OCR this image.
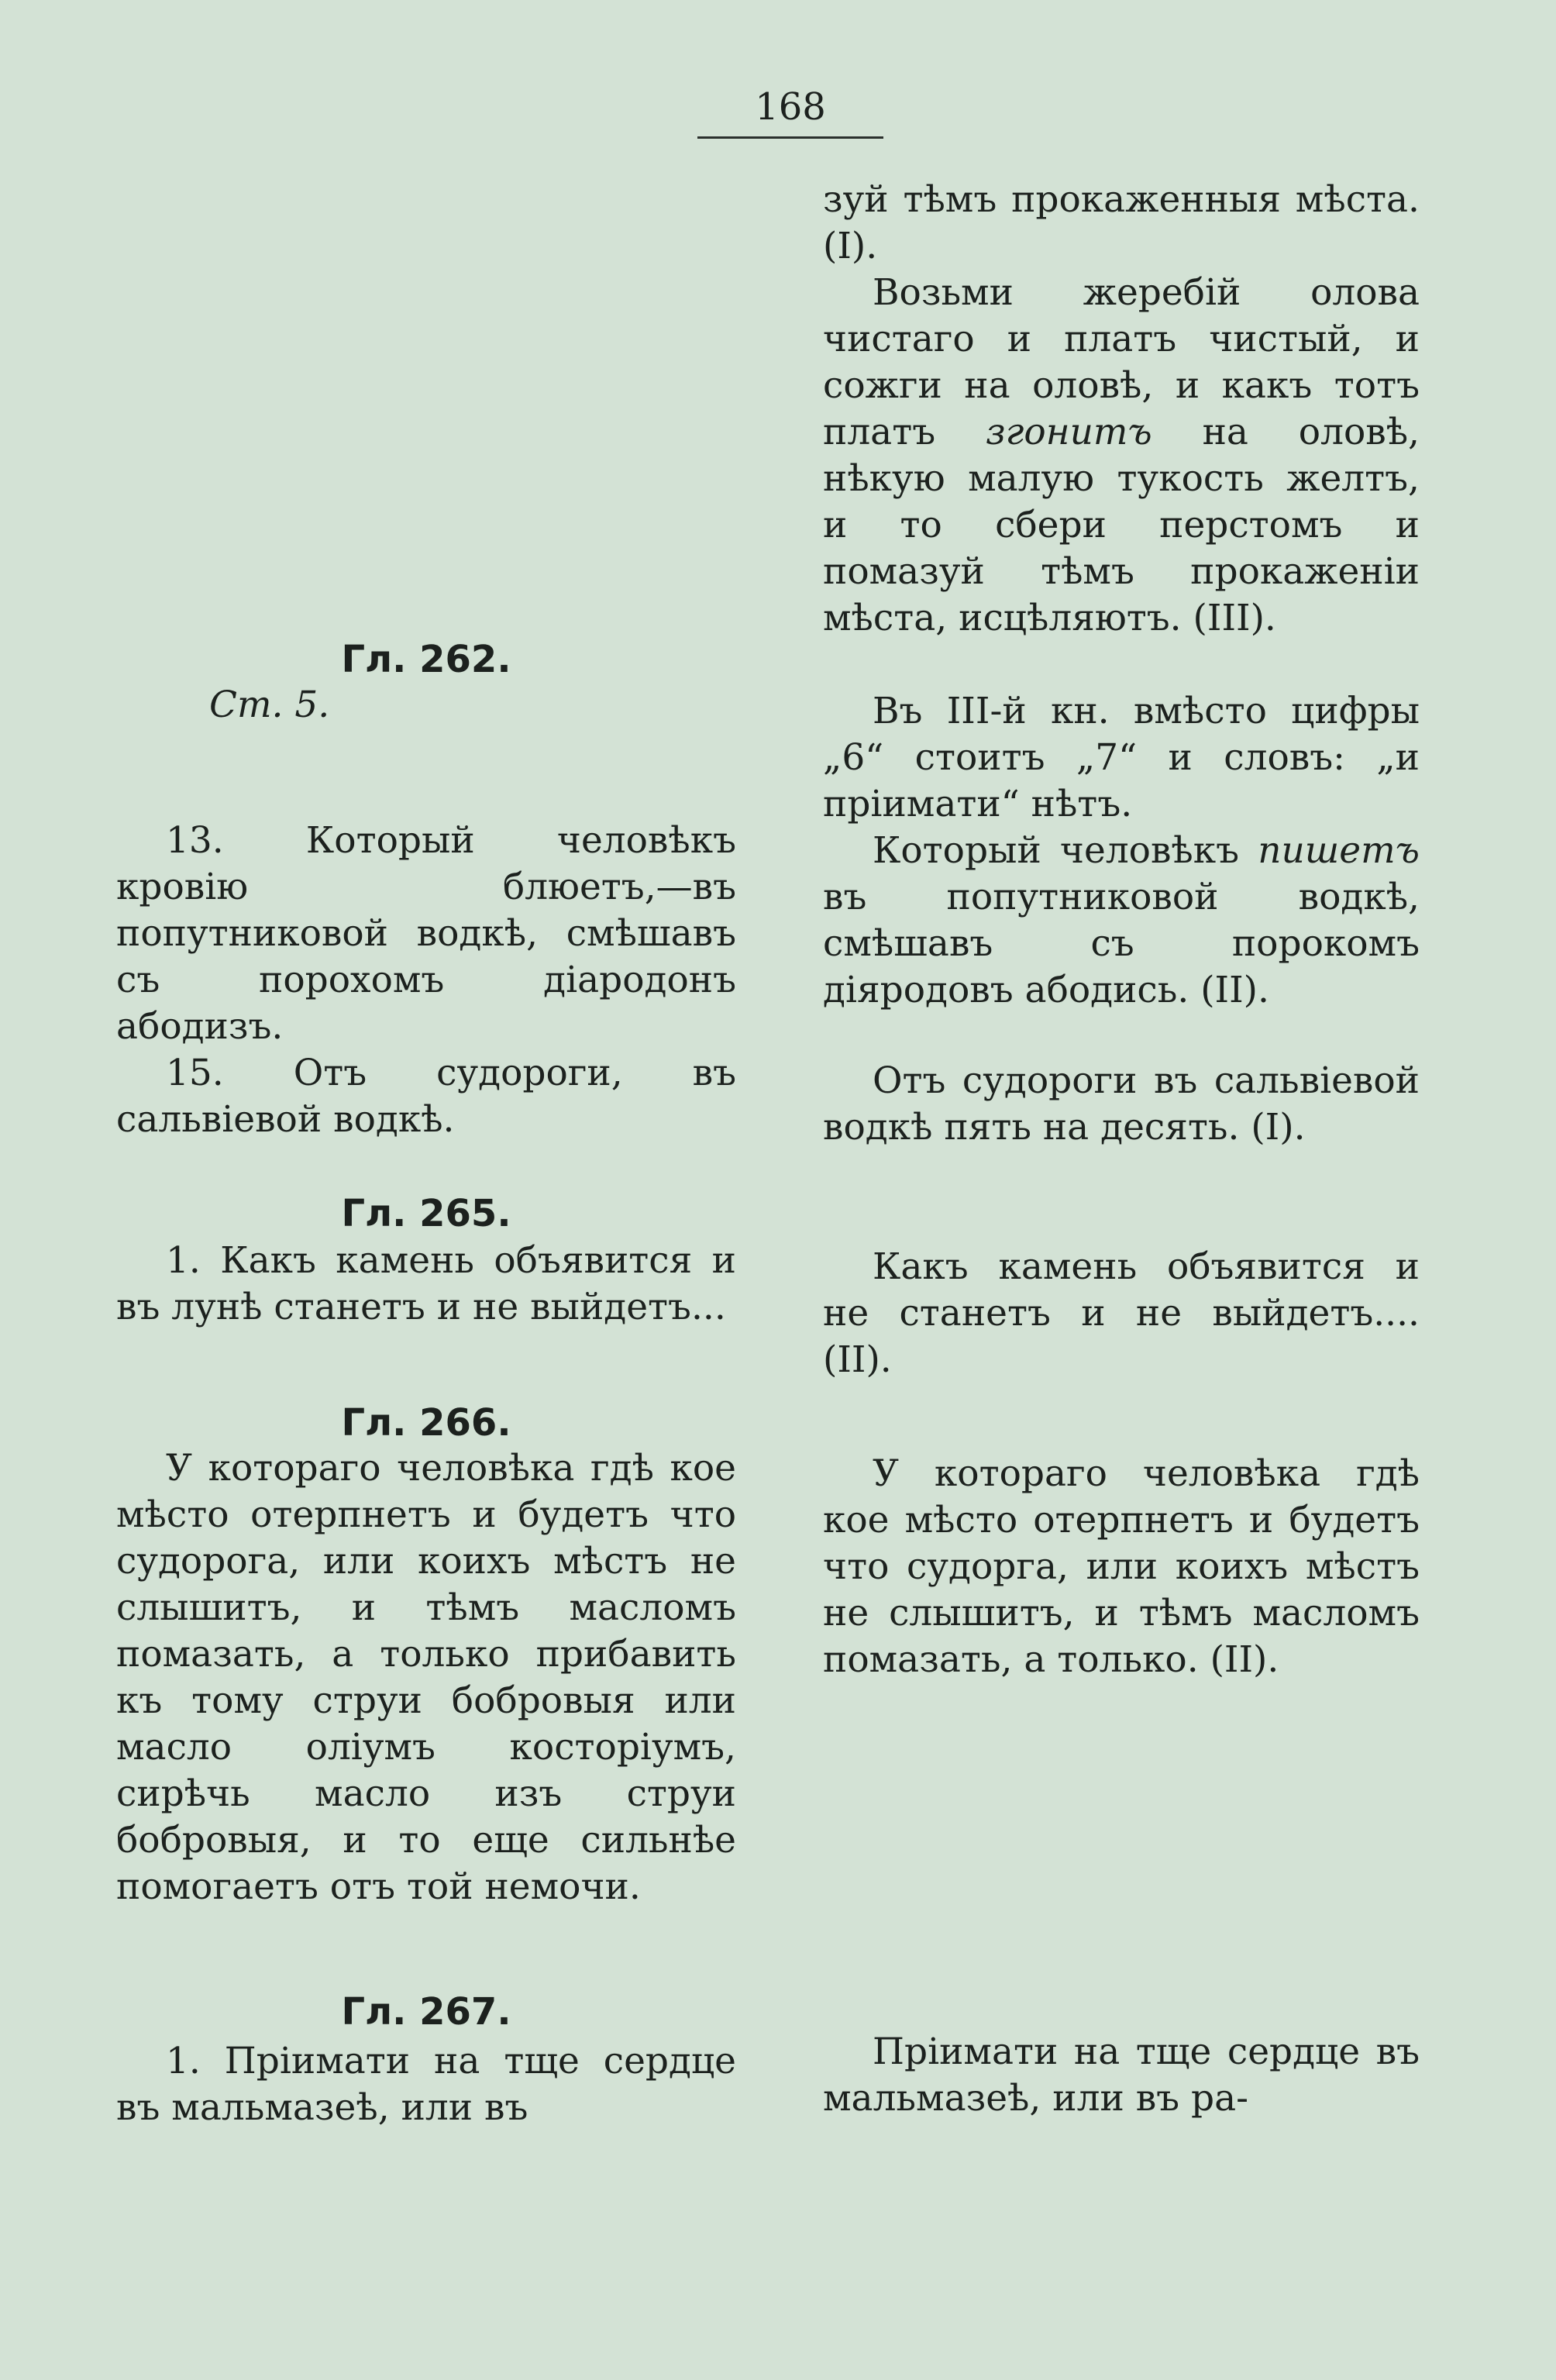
168
Гл. 262.
Ст. 5.

13. Который человѣкъ кровію блюетъ,—въ попутниковой водкѣ, смѣшавъ съ порохомъ діародонъ абодизъ.

15. Отъ судороги, въ сальвіевой водкѣ.

Гл. 265.

1. Какъ камень объявится и въ лунѣ станетъ и не выйдетъ...

Гл. 266.

У котораго человѣка гдѣ кое мѣсто отерпнетъ и будетъ что судорога, или коихъ мѣстъ не слышитъ, и тѣмъ масломъ помазать, а только прибавить къ тому струи бобровыя или масло оліумъ косторіумъ, сирѣчь масло изъ струи бобровыя, и то еще сильнѣе помогаетъ отъ той немочи.

Гл. 267.

1. Пріимати на тще сердце въ мальмазеѣ, или въ

зуй тѣмъ прокаженныя мѣста. (I).

Возьми жеребій олова чистаго и платъ чистый, и сожги на оловѣ, и какъ тотъ платъ згонитъ на оловѣ, нѣкую малую тукость желтъ, и то сбери перстомъ и помазуй тѣмъ прокаженіи мѣста, исцѣляютъ. (III).

Въ III-й кн. вмѣсто цифры „6“ стоитъ „7“ и словъ: „и пріимати“ нѣтъ.

Который человѣкъ пишетъ въ попутниковой водкѣ, смѣшавъ съ порокомъ діяродовъ абодись. (II).

Отъ судороги въ сальвіевой водкѣ пять на десять. (I).

Какъ камень объявится и не станетъ и не выйдетъ.... (II).

У котораго человѣка гдѣ кое мѣсто отерпнетъ и будетъ что судорга, или коихъ мѣстъ не слышитъ, и тѣмъ масломъ помазать, а только. (II).

Пріимати на тще сердце въ мальмазеѣ, или въ ра-
